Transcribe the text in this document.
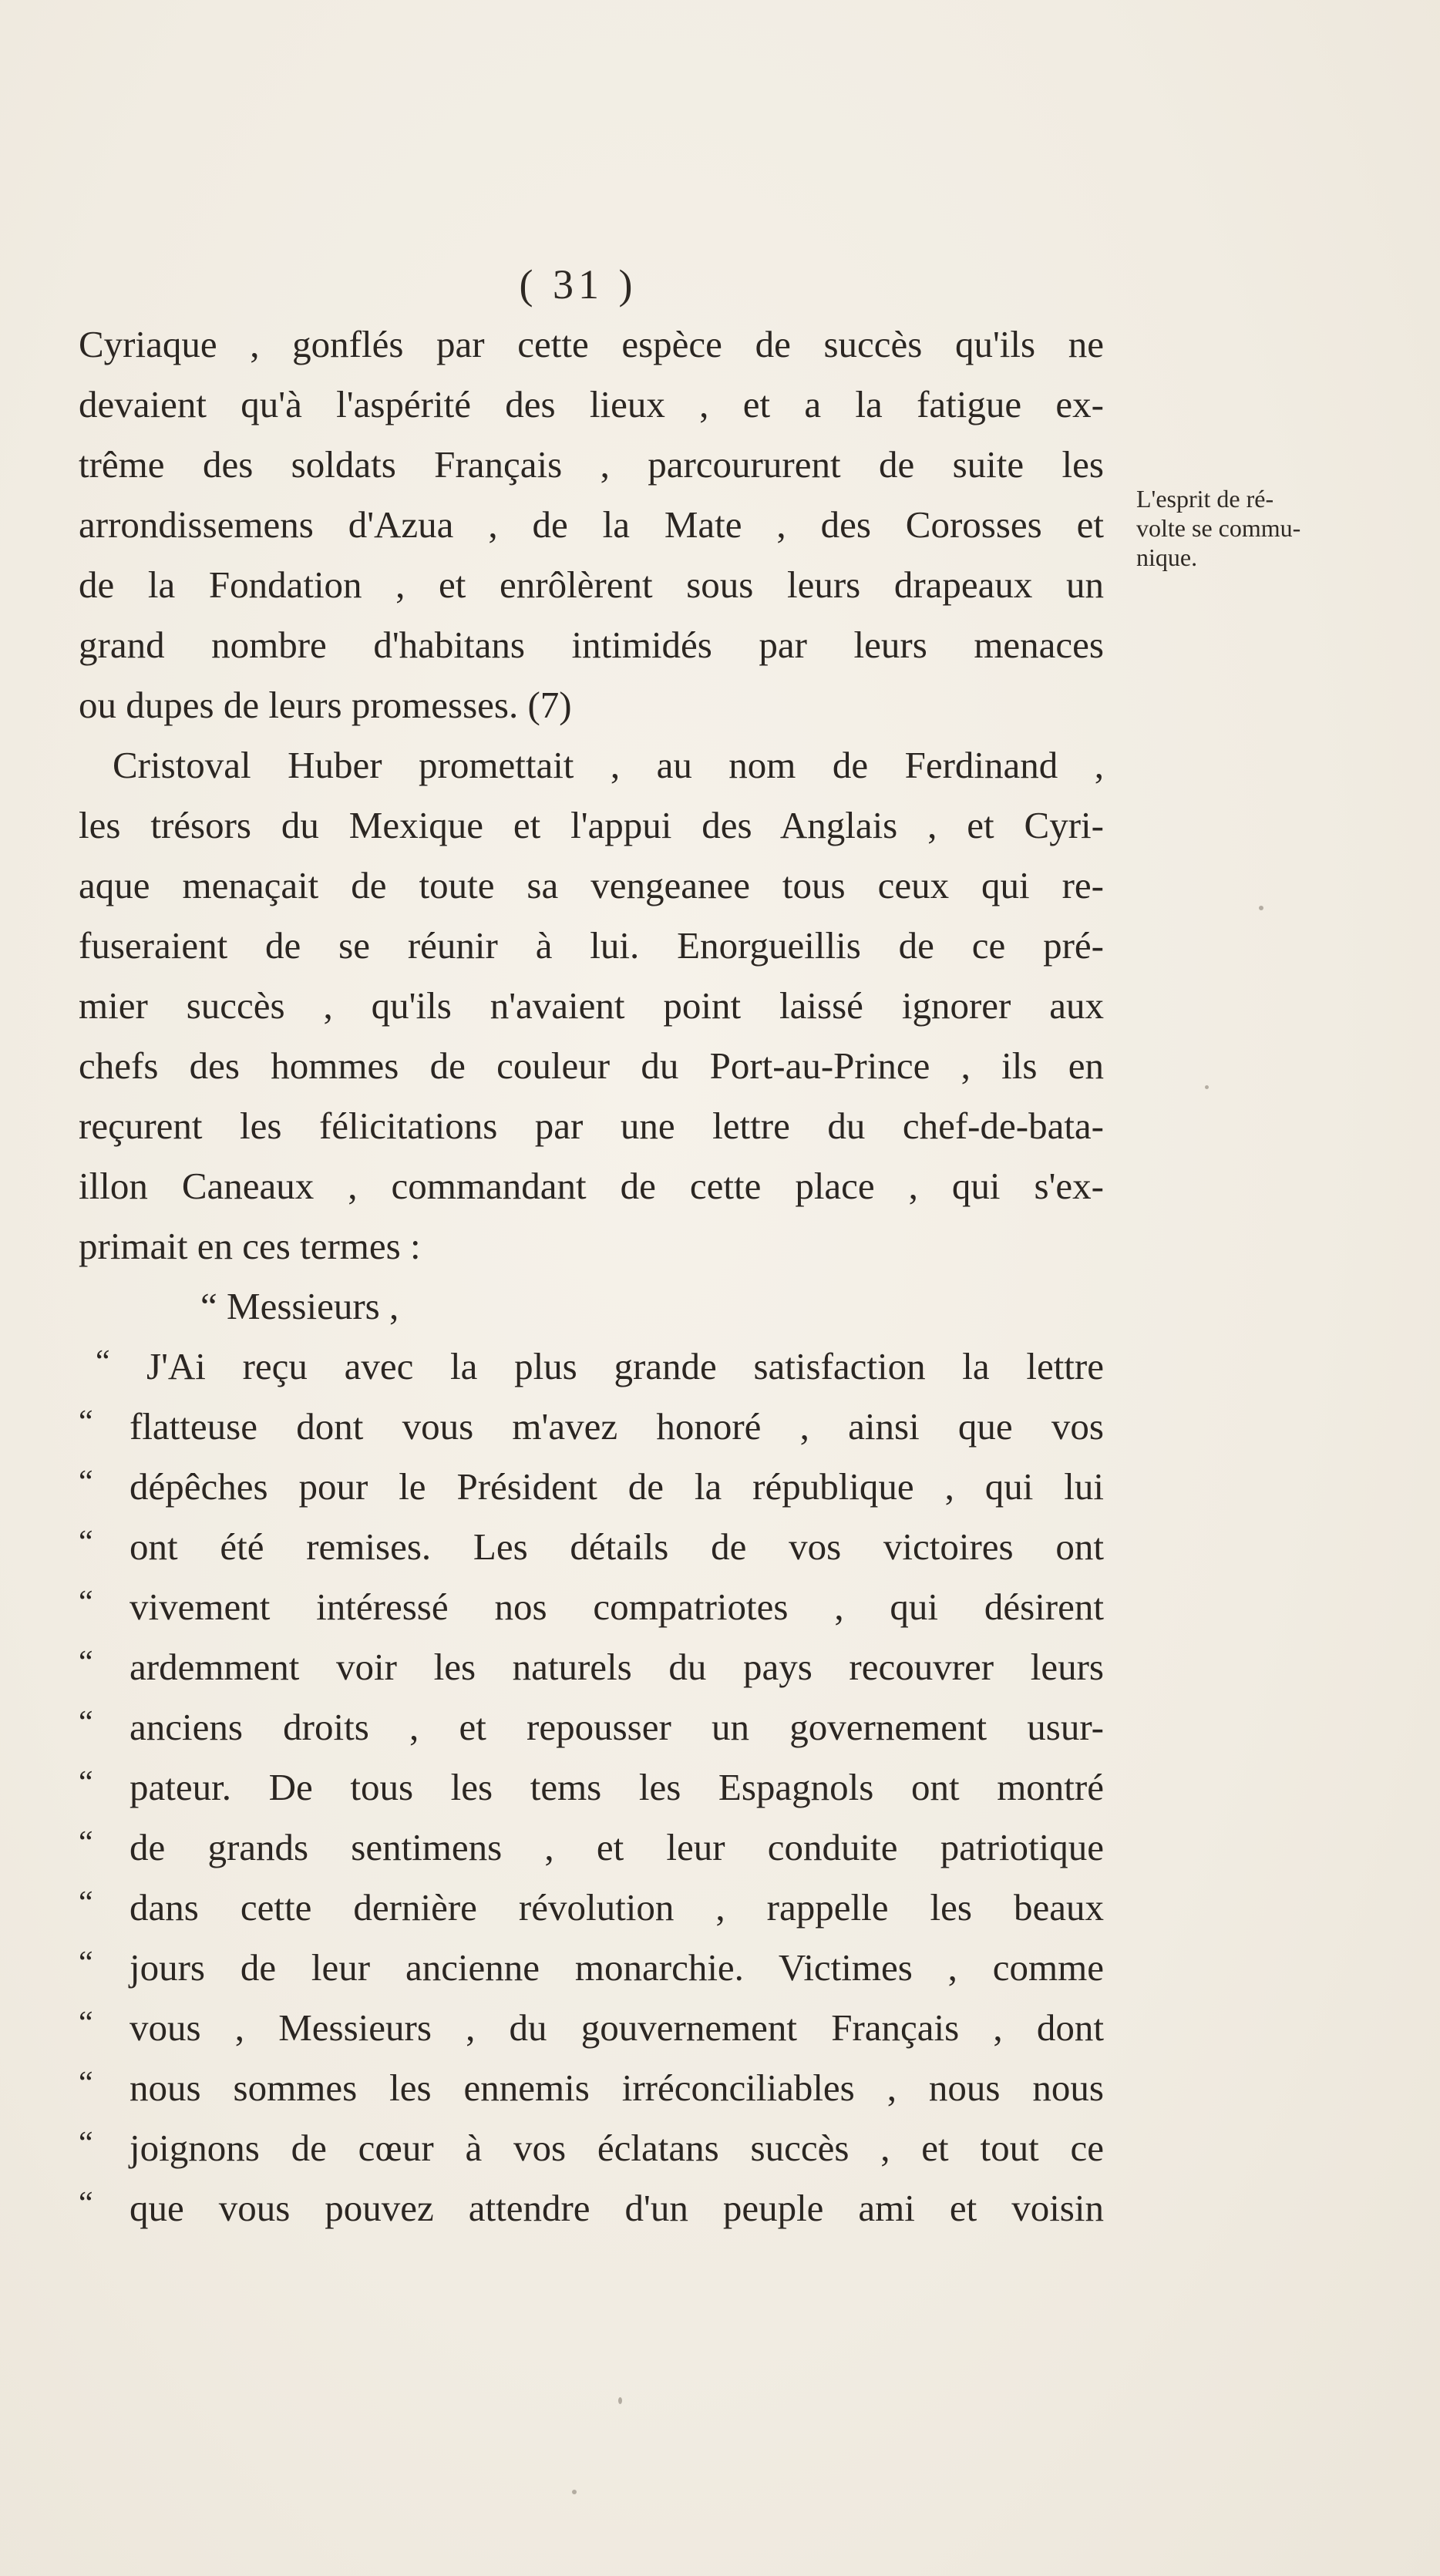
( 31 )
L'esprit de ré-
volte se commu-
nique.
Cyriaque , gonflés par cette espèce de succès qu'ils ne
devaient qu'à l'aspérité des lieux , et a la fatigue ex-
trême des soldats Français , parcoururent de suite les
arrondissemens d'Azua , de la Mate , des Corosses et
de la Fondation , et enrôlèrent sous leurs drapeaux un
grand nombre d'habitans intimidés par leurs menaces
ou dupes de leurs promesses. (7)
Cristoval Huber promettait , au nom de Ferdinand ,
les trésors du Mexique et l'appui des Anglais , et Cyri-
aque menaçait de toute sa vengeanee tous ceux qui re-
fuseraient de se réunir à lui. Enorgueillis de ce pré-
mier succès , qu'ils n'avaient point laissé ignorer aux
chefs des hommes de couleur du Port-au-Prince , ils en
reçurent les félicitations par une lettre du chef-de-bata-
illon Caneaux , commandant de cette place , qui s'ex-
primait en ces termes :
“ Messieurs ,
“ J'Ai reçu avec la plus grande satisfaction la lettre
“ flatteuse dont vous m'avez honoré , ainsi que vos
“ dépêches pour le Président de la république , qui lui
“ ont été remises. Les détails de vos victoires ont
“ vivement intéressé nos compatriotes , qui désirent
“ ardemment voir les naturels du pays recouvrer leurs
“ anciens droits , et repousser un governement usur-
“ pateur. De tous les tems les Espagnols ont montré
“ de grands sentimens , et leur conduite patriotique
“ dans cette dernière révolution , rappelle les beaux
“ jours de leur ancienne monarchie. Victimes , comme
“ vous , Messieurs , du gouvernement Français , dont
“ nous sommes les ennemis irréconciliables , nous nous
“ joignons de cœur à vos éclatans succès , et tout ce
“ que vous pouvez attendre d'un peuple ami et voisin
